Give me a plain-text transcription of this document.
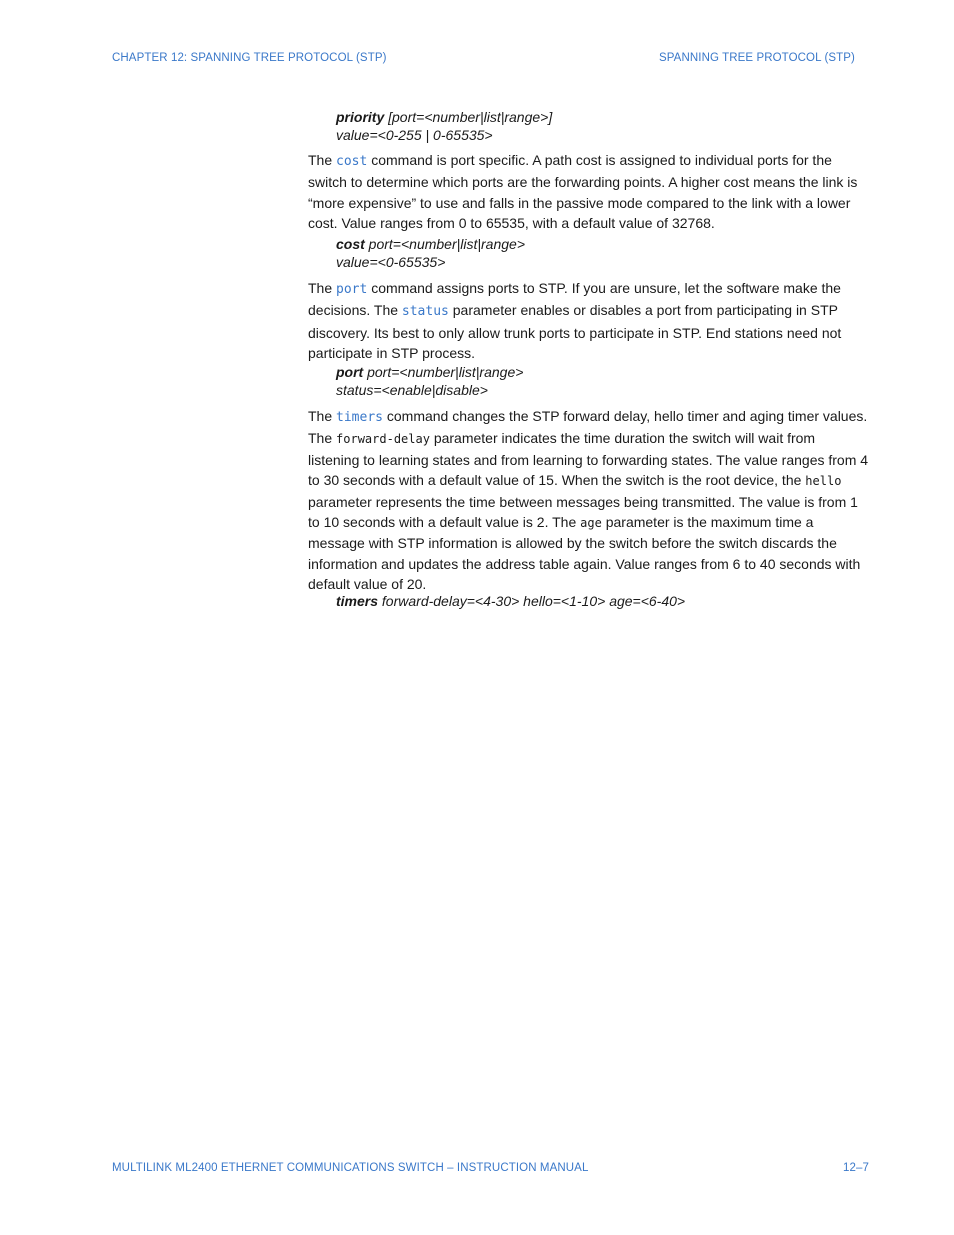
CHAPTER 12: SPANNING TREE PROTOCOL (STP)	SPANNING TREE PROTOCOL (STP)
priority [port=<number|list|range>]
value=<0-255 | 0-65535>

The cost command is port specific. A path cost is assigned to individual ports for the switch to determine which ports are the forwarding points. A higher cost means the link is “more expensive” to use and falls in the passive mode compared to the link with a lower cost. Value ranges from 0 to 65535, with a default value of 32768.

cost port=<number|list|range>
value=<0-65535>

The port command assigns ports to STP. If you are unsure, let the software make the decisions. The status parameter enables or disables a port from participating in STP discovery. Its best to only allow trunk ports to participate in STP. End stations need not participate in STP process.

port port=<number|list|range>
status=<enable|disable>

The timers command changes the STP forward delay, hello timer and aging timer values. The forward-delay parameter indicates the time duration the switch will wait from listening to learning states and from learning to forwarding states. The value ranges from 4 to 30 seconds with a default value of 15. When the switch is the root device, the hello parameter represents the time between messages being transmitted. The value is from 1 to 10 seconds with a default value is 2. The age parameter is the maximum time a message with STP information is allowed by the switch before the switch discards the information and updates the address table again. Value ranges from 6 to 40 seconds with default value of 20.

timers forward-delay=<4-30> hello=<1-10> age=<6-40>
MULTILINK ML2400 ETHERNET COMMUNICATIONS SWITCH – INSTRUCTION MANUAL	12–7
